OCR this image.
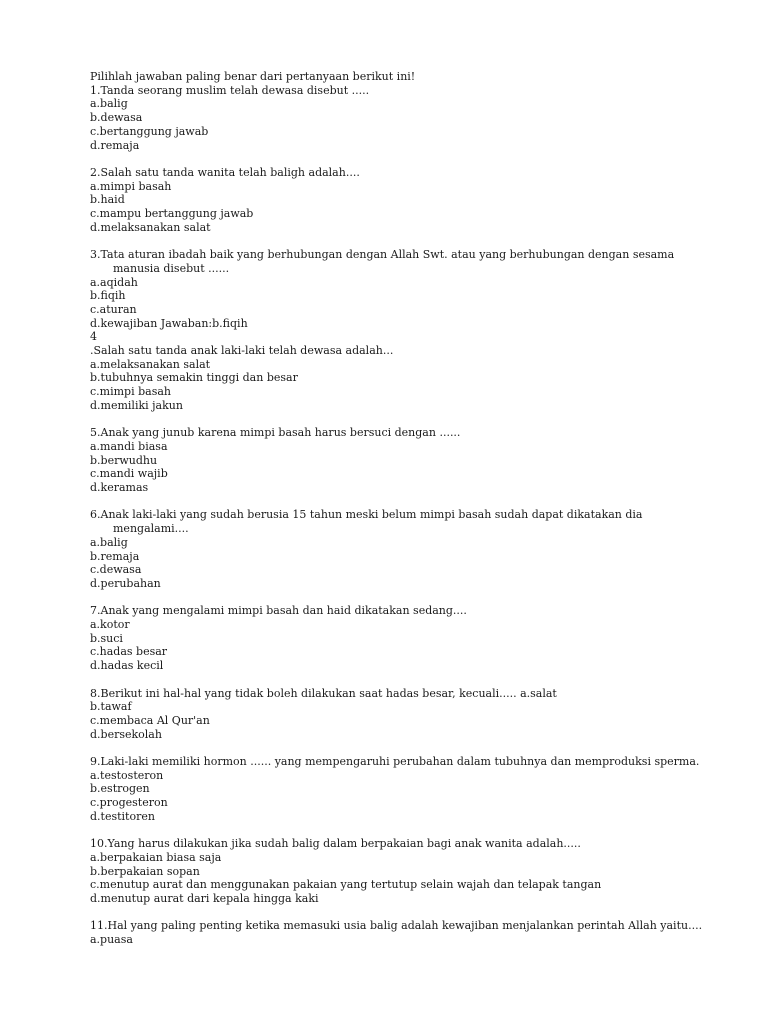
Pilihlah jawaban paling benar dari pertanyaan berikut ini!
1.Tanda seorang muslim telah dewasa disebut .....
a.balig
b.dewasa
c.bertanggung jawab
d.remaja
2.Salah satu tanda wanita telah baligh adalah....
a.mimpi basah
b.haid
c.mampu bertanggung jawab
d.melaksanakan salat
3.Tata aturan ibadah baik yang berhubungan dengan Allah Swt. atau yang berhubungan dengan sesama
manusia disebut ......
a.aqidah
b.fiqih
c.aturan
d.kewajiban Jawaban:b.fiqih
4
.Salah satu tanda anak laki-laki telah dewasa adalah...
a.melaksanakan salat
b.tubuhnya semakin tinggi dan besar
c.mimpi basah
d.memiliki jakun
5.Anak yang junub karena mimpi basah harus bersuci dengan ......
a.mandi biasa
b.berwudhu
c.mandi wajib
d.keramas
6.Anak laki-laki yang sudah berusia 15 tahun meski belum mimpi basah sudah dapat dikatakan dia
mengalami....
a.balig
b.remaja
c.dewasa
d.perubahan
7.Anak yang mengalami mimpi basah dan haid dikatakan sedang....
a.kotor
b.suci
c.hadas besar
d.hadas kecil
8.Berikut ini hal-hal yang tidak boleh dilakukan saat hadas besar, kecuali..... a.salat
b.tawaf
c.membaca Al Qur'an
d.bersekolah
9.Laki-laki memiliki hormon ...... yang mempengaruhi perubahan dalam tubuhnya dan memproduksi sperma.
a.testosteron
b.estrogen
c.progesteron
d.testitoren
10.Yang harus dilakukan jika sudah balig dalam berpakaian bagi anak wanita adalah.....
a.berpakaian biasa saja
b.berpakaian sopan
c.menutup aurat dan menggunakan pakaian yang tertutup selain wajah dan telapak tangan
d.menutup aurat dari kepala hingga kaki
11.Hal yang paling penting ketika memasuki usia balig adalah kewajiban menjalankan perintah Allah yaitu....
a.puasa
